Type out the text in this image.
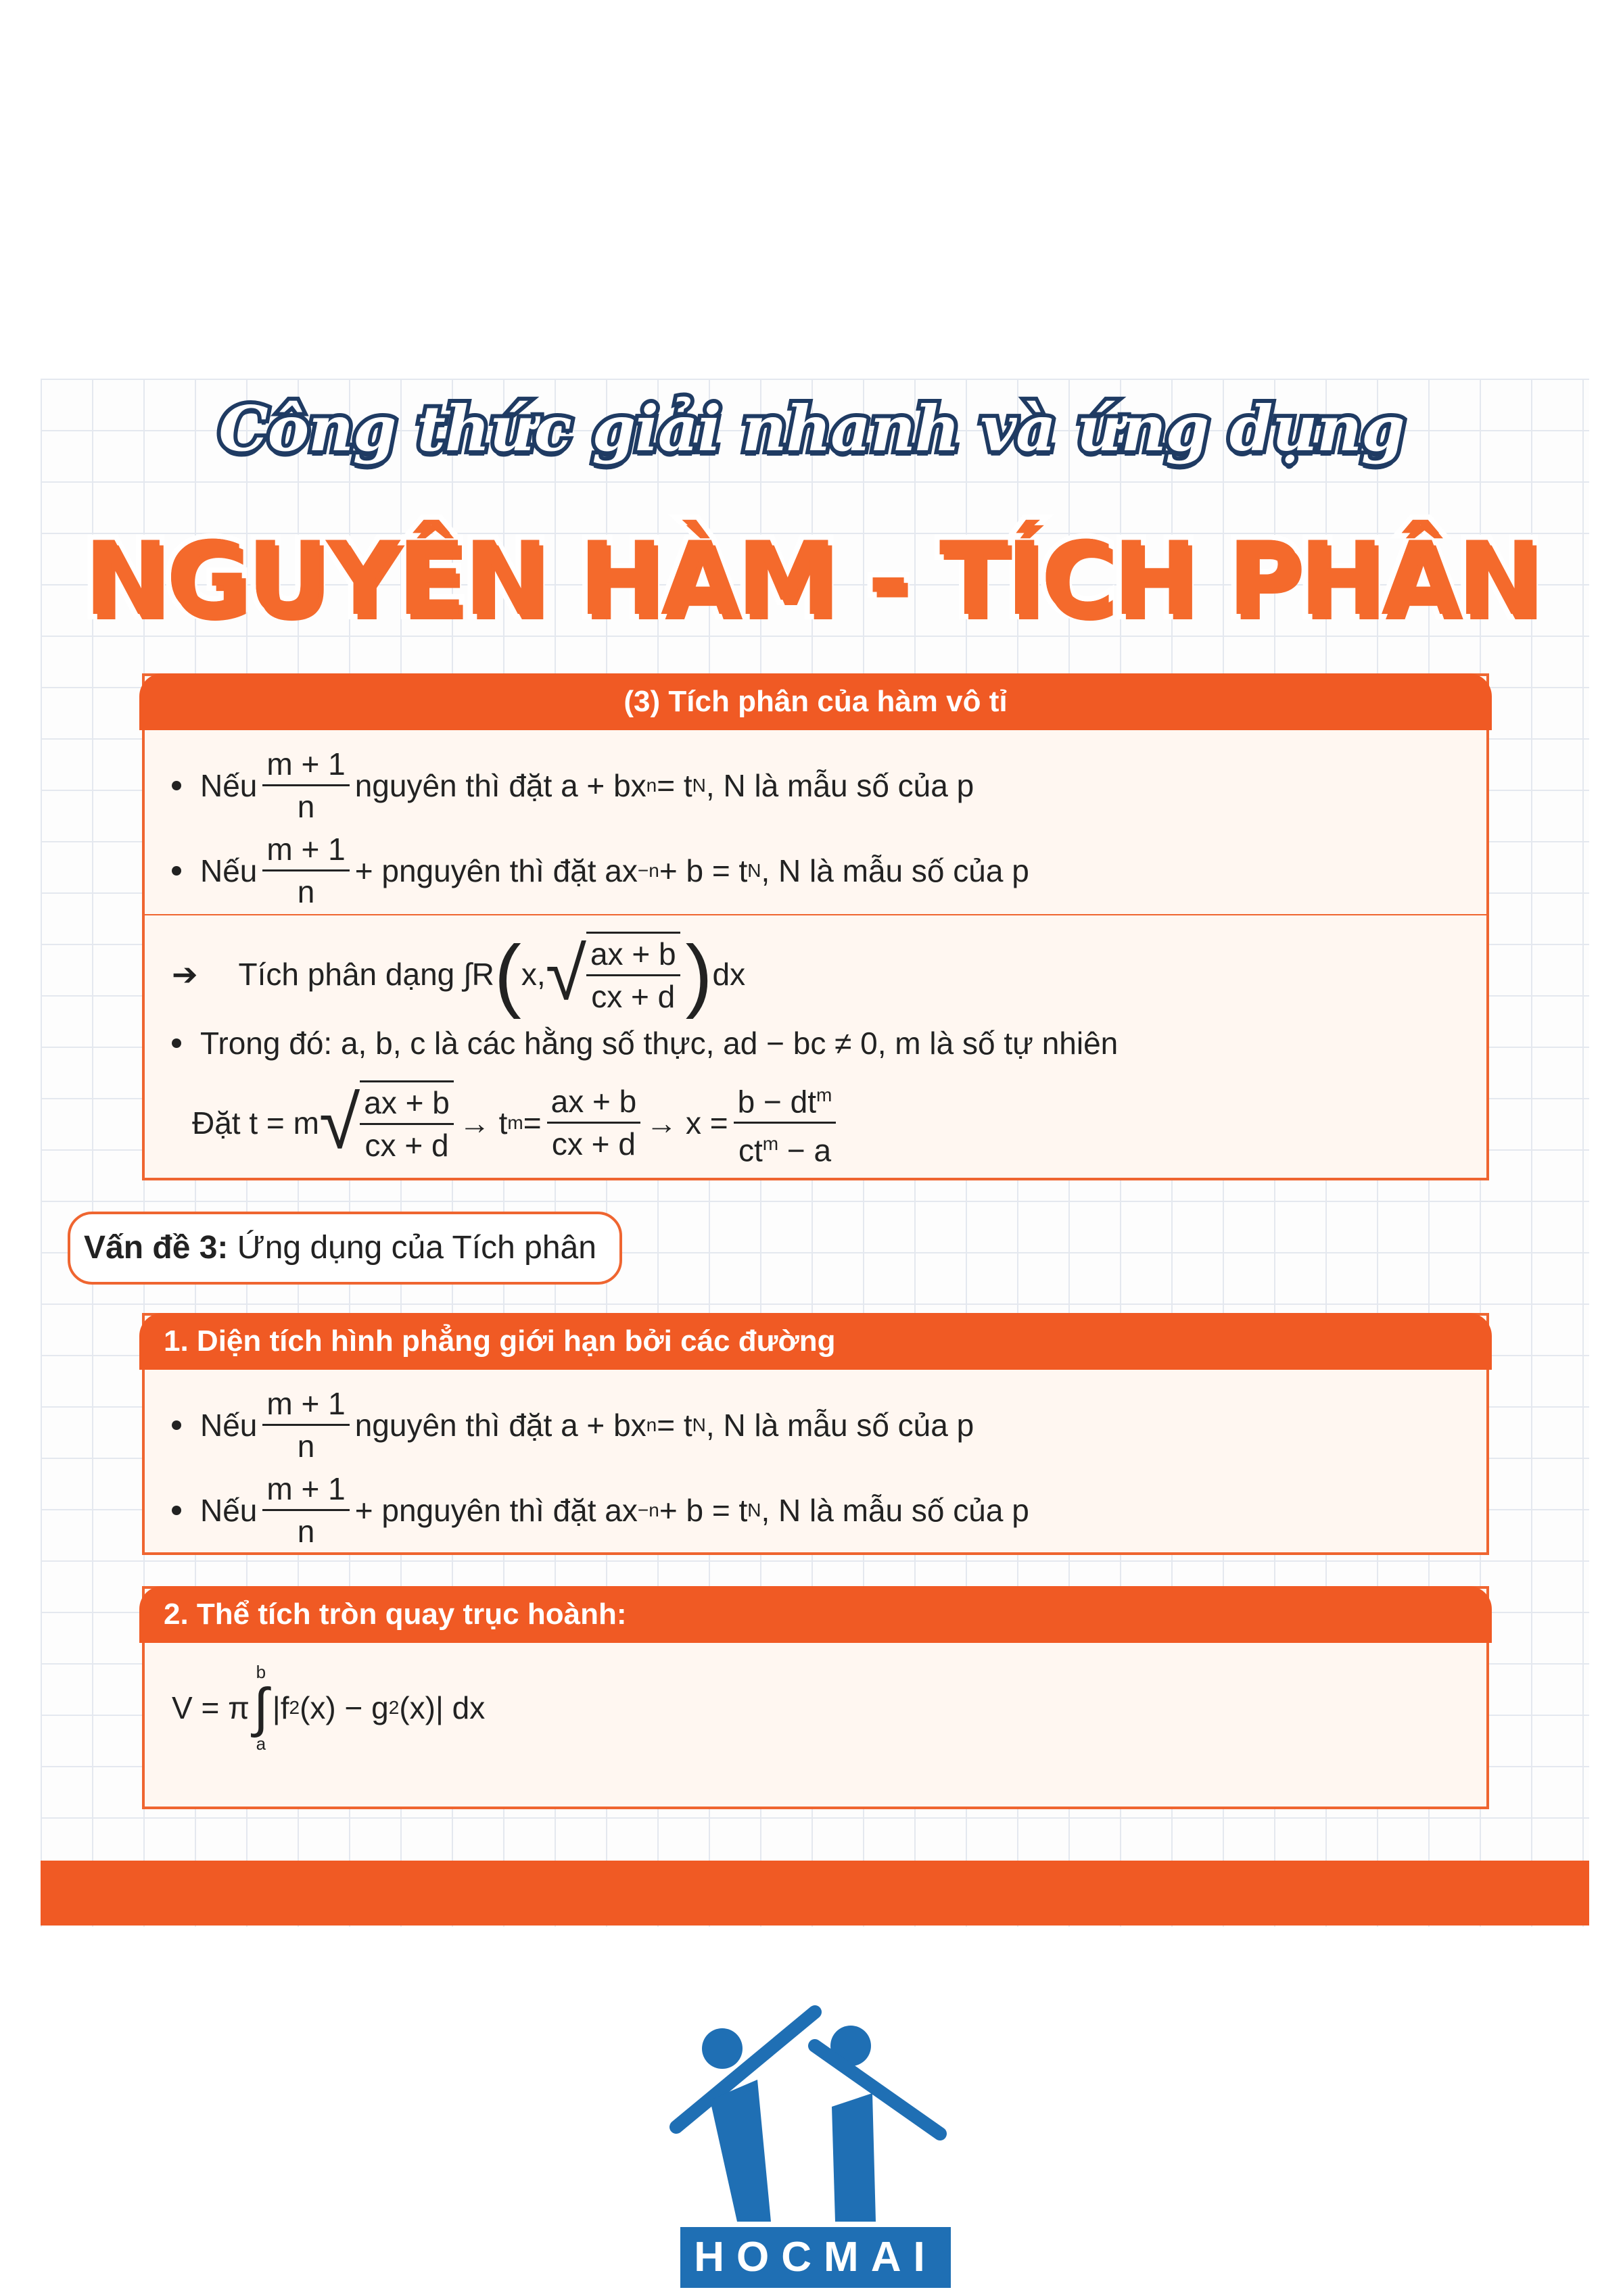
Công thức giải nhanh và ứng dụng
NGUYÊN HÀM - TÍCH PHÂN
(3) Tích phân của hàm vô tỉ
Nếu $\frac{m + 1}{n}$ nguyên thì đặt a + bx n = t N , N là mẫu số của p
Nếu $\frac{m + 1}{n}$ + pnguyên thì đặt ax −n + b = t N , N là mẫu số của p
➔ Tích phân dạng ∫R ( x, √ $\frac{ax + b}{cx + d}$ ) dx
Trong đó: a, b, c là các hằng số thực, ad − bc ≠ 0, m là số tự nhiên
Đặt t = m √ $\frac{ax + b}{cx + d} \to t$ $m = \frac{ax + b}{cx + d} \to x = \frac{b - dt^m}{ct^m - a}$
Vấn đề 3: Ứng dụng của Tích phân
1. Diện tích hình phẳng giới hạn bởi các đường
Nếu $\frac{m + 1}{n}$ nguyên thì đặt a + bx n = t N , N là mẫu số của p
Nếu $\frac{m + 1}{n}$ + pnguyên thì đặt ax −n + b = t N , N là mẫu số của p
2. Thể tích tròn quay trục hoành:
V = π
b
∫
a
|f 2 (x) − g 2 (x)| dx
HOCMAI
